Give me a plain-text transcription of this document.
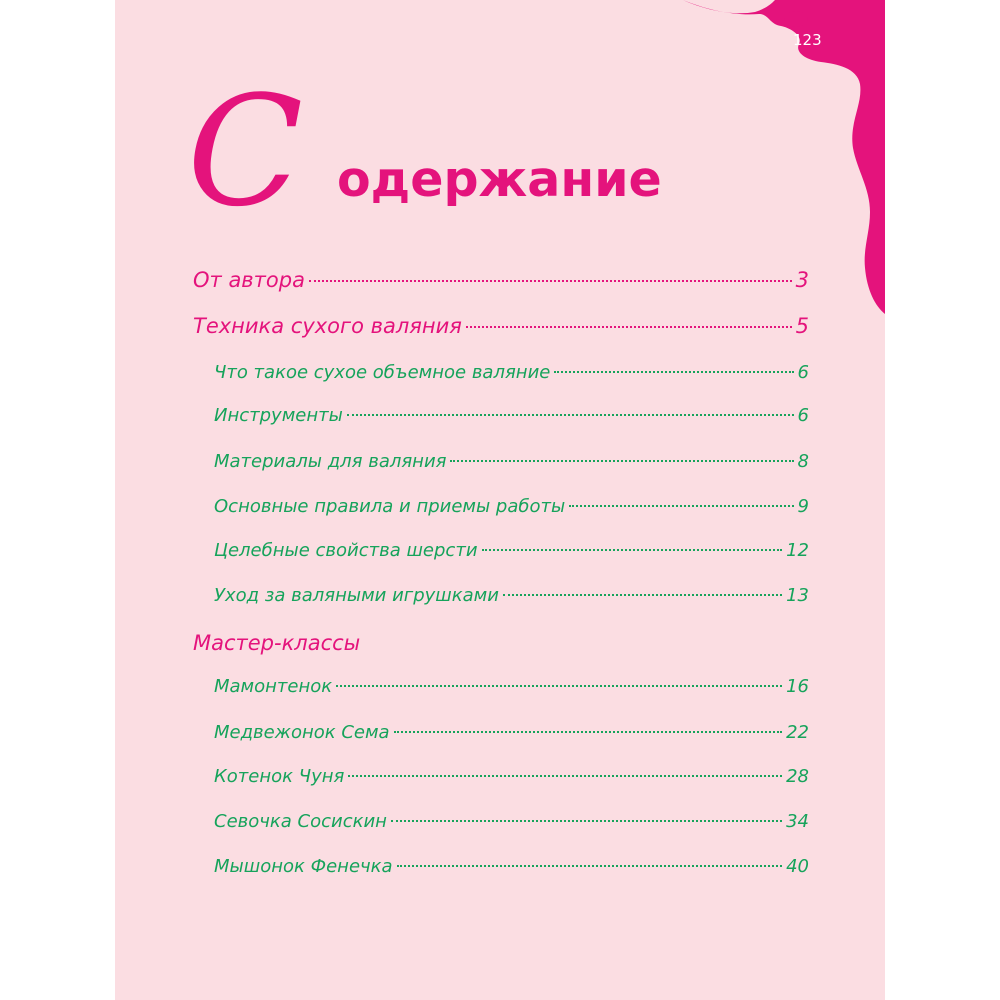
123
С одержание
От автора	3
Техника сухого валяния	5
Что такое сухое объемное валяние	6
Инструменты	6
Материалы для валяния	8
Основные правила и приемы работы	9
Целебные свойства шерсти	12
Уход за валяными игрушками	13
Мастер-классы
Мамонтенок	16
Медвежонок Сема	22
Котенок Чуня	28
Севочка Сосискин	34
Мышонок Фенечка	40
